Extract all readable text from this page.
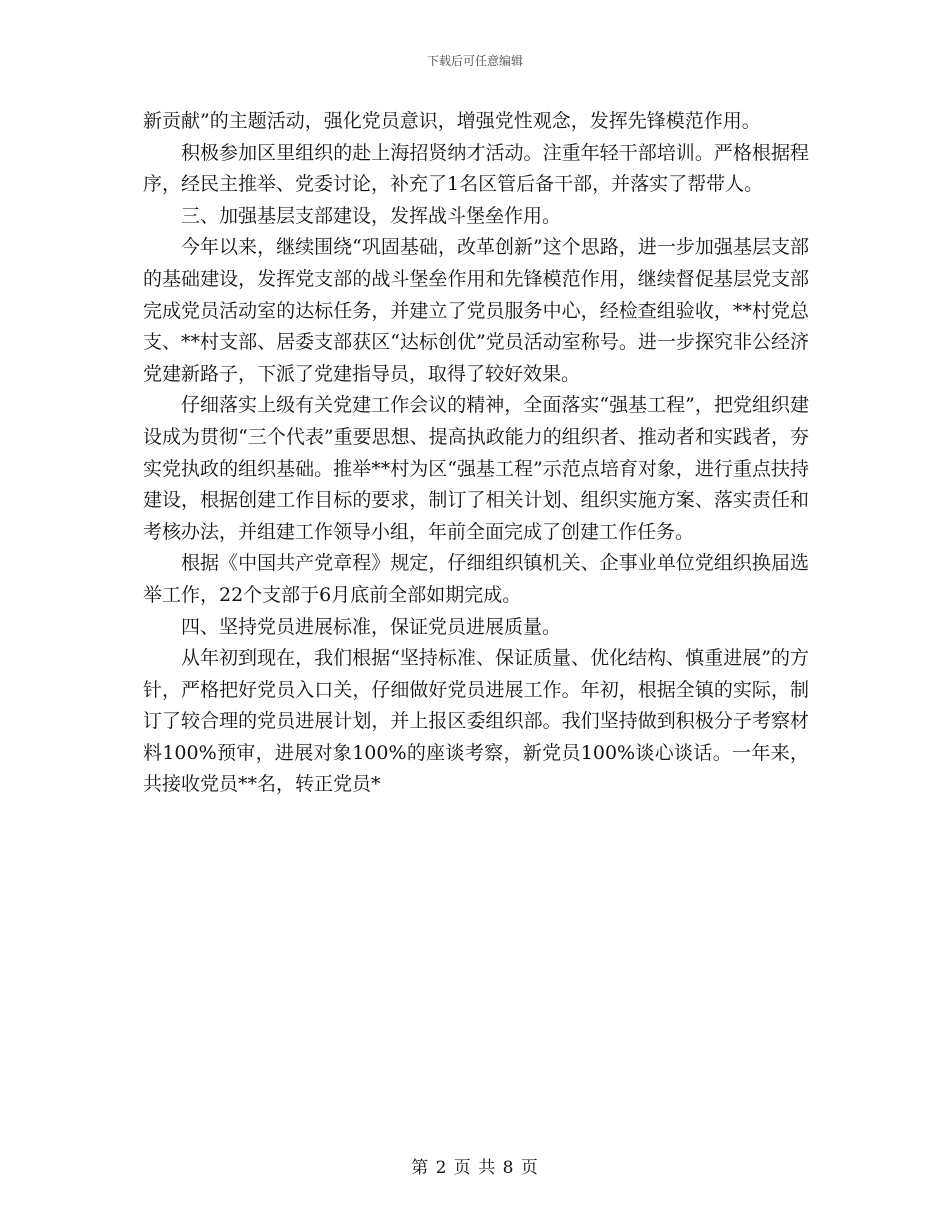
下载后可任意编辑

新贡献”的主题活动，强化党员意识，增强党性观念，发挥先锋模范作用。

积极参加区里组织的赴上海招贤纳才活动。注重年轻干部培训。严格根据程序，经民主推举、党委讨论，补充了1名区管后备干部，并落实了帮带人。

三、加强基层支部建设，发挥战斗堡垒作用。

今年以来，继续围绕“巩固基础，改革创新”这个思路，进一步加强基层支部的基础建设，发挥党支部的战斗堡垒作用和先锋模范作用，继续督促基层党支部完成党员活动室的达标任务，并建立了党员服务中心，经检查组验收，**村党总支、**村支部、居委支部获区“达标创优”党员活动室称号。进一步探究非公经济党建新路子，下派了党建指导员，取得了较好效果。

仔细落实上级有关党建工作会议的精神，全面落实“强基工程”，把党组织建设成为贯彻“三个代表”重要思想、提高执政能力的组织者、推动者和实践者，夯实党执政的组织基础。推举**村为区“强基工程”示范点培育对象，进行重点扶持建设，根据创建工作目标的要求，制订了相关计划、组织实施方案、落实责任和考核办法，并组建工作领导小组，年前全面完成了创建工作任务。

根据《中国共产党章程》规定，仔细组织镇机关、企事业单位党组织换届选举工作，22个支部于6月底前全部如期完成。

四、坚持党员进展标准，保证党员进展质量。

从年初到现在，我们根据“坚持标准、保证质量、优化结构、慎重进展”的方针，严格把好党员入口关，仔细做好党员进展工作。年初，根据全镇的实际，制订了较合理的党员进展计划，并上报区委组织部。我们坚持做到积极分子考察材料100%预审，进展对象100%的座谈考察，新党员100%谈心谈话。一年来，共接收党员**名，转正党员*

第 2 页 共 8 页
